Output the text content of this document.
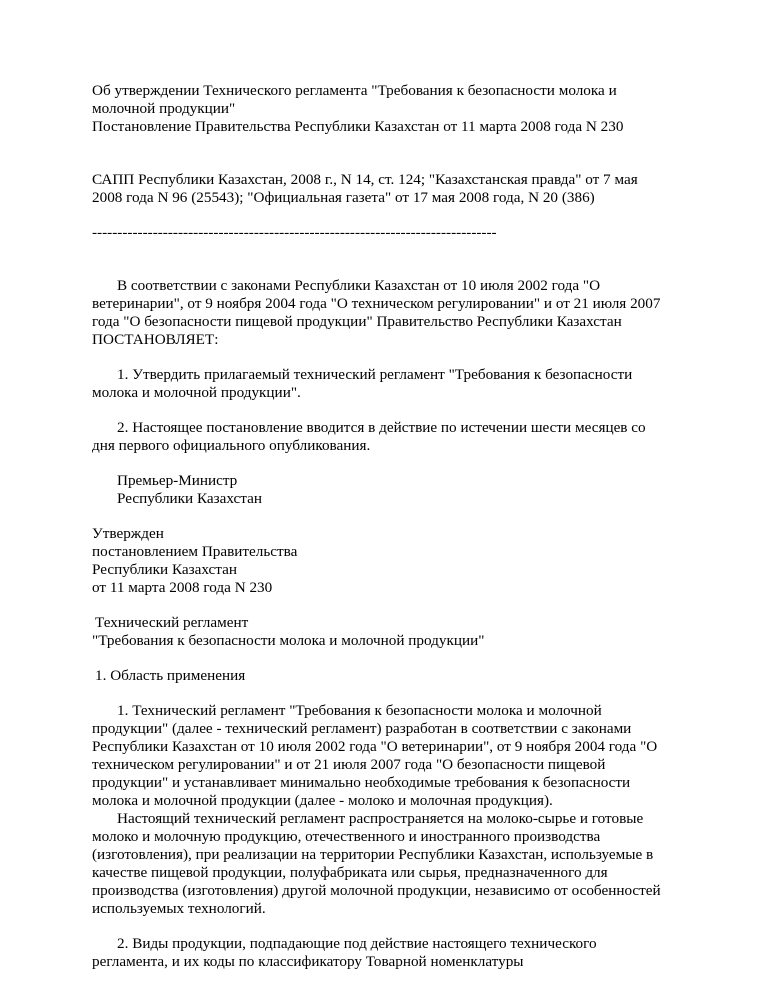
Об утверждении Технического регламента "Требования к безопасности молока и
молочной продукции"
Постановление Правительства Республики Казахстан от 11 марта 2008 года N 230
САПП Республики Казахстан, 2008 г., N 14, ст. 124; "Казахстанская правда" от 7 мая
2008 года N 96 (25543); "Официальная газета" от 17 мая 2008 года, N 20 (386)
--------------------------------------------------------------------------------
В соответствии с законами Республики Казахстан от 10 июля 2002 года "О
ветеринарии", от 9 ноября 2004 года "О техническом регулировании" и от 21 июля 2007
года "О безопасности пищевой продукции" Правительство Республики Казахстан
ПОСТАНОВЛЯЕТ:
1. Утвердить прилагаемый технический регламент "Требования к безопасности
молока и молочной продукции".
2. Настоящее постановление вводится в действие по истечении шести месяцев со
дня первого официального опубликования.
Премьер-Министр
Республики Казахстан
Утвержден
постановлением Правительства
Республики Казахстан
от 11 марта 2008 года N 230
Технический регламент
"Требования к безопасности молока и молочной продукции"
1. Область применения
1. Технический регламент "Требования к безопасности молока и молочной
продукции" (далее - технический регламент) разработан в соответствии с законами
Республики Казахстан от 10 июля 2002 года "О ветеринарии", от 9 ноября 2004 года "О
техническом регулировании" и от 21 июля 2007 года "О безопасности пищевой
продукции" и устанавливает минимально необходимые требования к безопасности
молока и молочной продукции (далее - молоко и молочная продукция).
Настоящий технический регламент распространяется на молоко-сырье и готовые
молоко и молочную продукцию, отечественного и иностранного производства
(изготовления), при реализации на территории Республики Казахстан, используемые в
качестве пищевой продукции, полуфабриката или сырья, предназначенного для
производства (изготовления) другой молочной продукции, независимо от особенностей
используемых технологий.
2. Виды продукции, подпадающие под действие настоящего технического
регламента, и их коды по классификатору Товарной номенклатуры
